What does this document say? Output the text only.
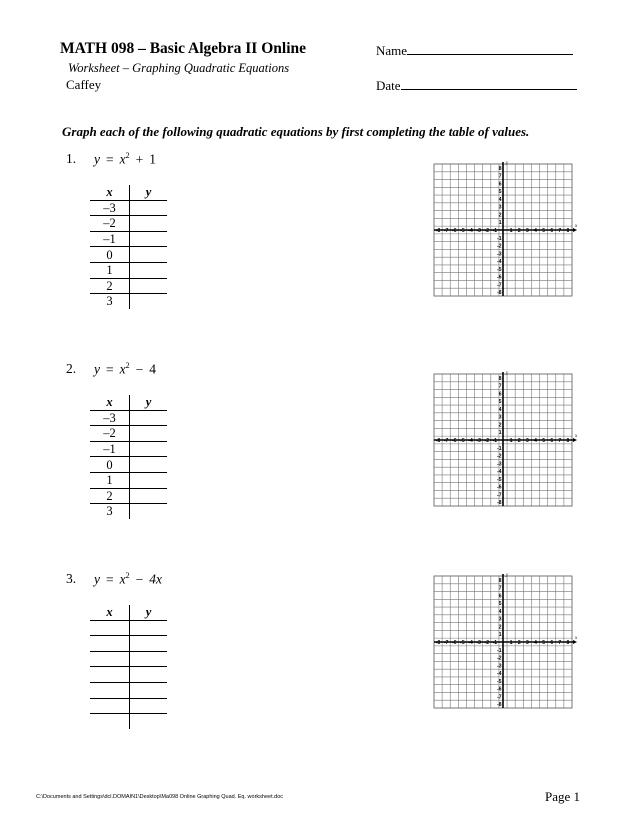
MATH 098 – Basic Algebra II Online
Worksheet – Graphing Quadratic Equations
Caffey
Name
Date
Graph each of the following quadratic equations by first completing the table of values.
1. $y = x^2 + 1$
x	y
–3	
–2	
–1	
0	
1	
2	
3	
x
y
-8 -7 -6 -5 -4 -3 -2 -1	1 2 3 4 5 6 7 8
8
7
6
5
4
3
2
1
-1
-2
-3
-4
-5
-6
-7
-8
2. $y = x^2 - 4$
x	y
–3	
–2	
–1	
0	
1	
2	
3	
x
y
-8 -7 -6 -5 -4 -3 -2 -1	1 2 3 4 5 6 7 8
8
7
6
5
4
3
2
1
-1
-2
-3
-4
-5
-6
-7
-8
3. $y = x^2 - 4x$
x	y

x
y
-8 -7 -6 -5 -4 -3 -2 -1	1 2 3 4 5 6 7 8
8
7
6
5
4
3
2
1
-1
-2
-3
-4
-5
-6
-7
-8
C:\Documents and Settings\dcl.DOMAIN1\Desktop\Ma098 Online Graphing Quad. Eq. worksheet.doc	Page 1
